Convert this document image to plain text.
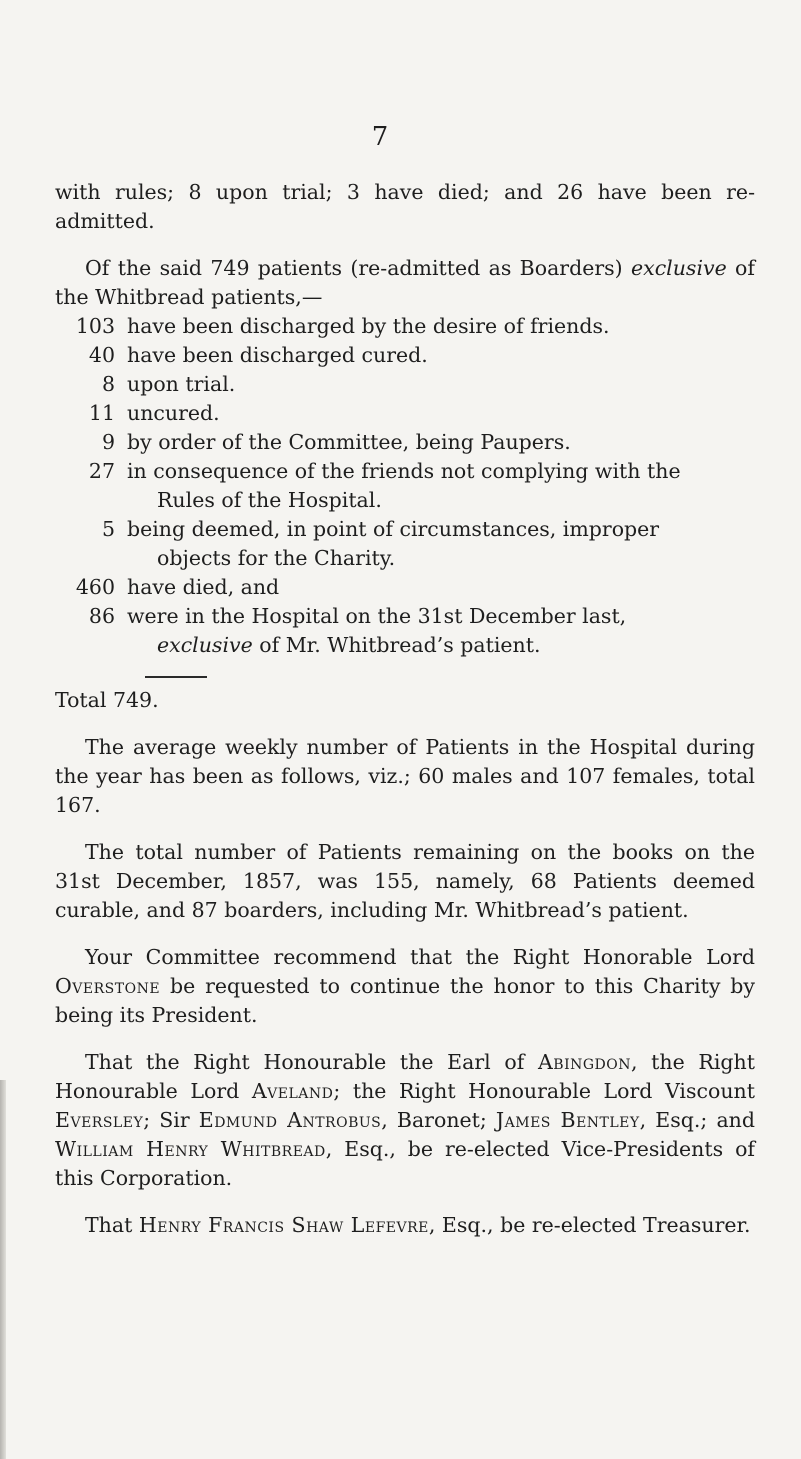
7

with rules; 8 upon trial; 3 have died; and 26 have been re-admitted.

Of the said 749 patients (re-admitted as Boarders) exclusive of the Whitbread patients,—

103 have been discharged by the desire of friends.
40 have been discharged cured.
8 upon trial.
11 uncured.
9 by order of the Committee, being Paupers.
27 in consequence of the friends not complying with the
Rules of the Hospital.
5 being deemed, in point of circumstances, improper
objects for the Charity.
460 have died, and
86 were in the Hospital on the 31st December last,
exclusive of Mr. Whitbread’s patient.

Total 749.

The average weekly number of Patients in the Hospital during the year has been as follows, viz.; 60 males and 107 females, total 167.

The total number of Patients remaining on the books on the 31st December, 1857, was 155, namely, 68 Patients deemed curable, and 87 boarders, including Mr. Whitbread’s patient.

Your Committee recommend that the Right Honorable Lord Overstone be requested to continue the honor to this Charity by being its President.

That the Right Honourable the Earl of Abingdon, the Right Honourable Lord Aveland; the Right Honourable Lord Viscount Eversley; Sir Edmund Antrobus, Baronet; James Bentley, Esq.; and William Henry Whitbread, Esq., be re-elected Vice-Presidents of this Corporation.

That Henry Francis Shaw Lefevre, Esq., be re-elected Treasurer.
